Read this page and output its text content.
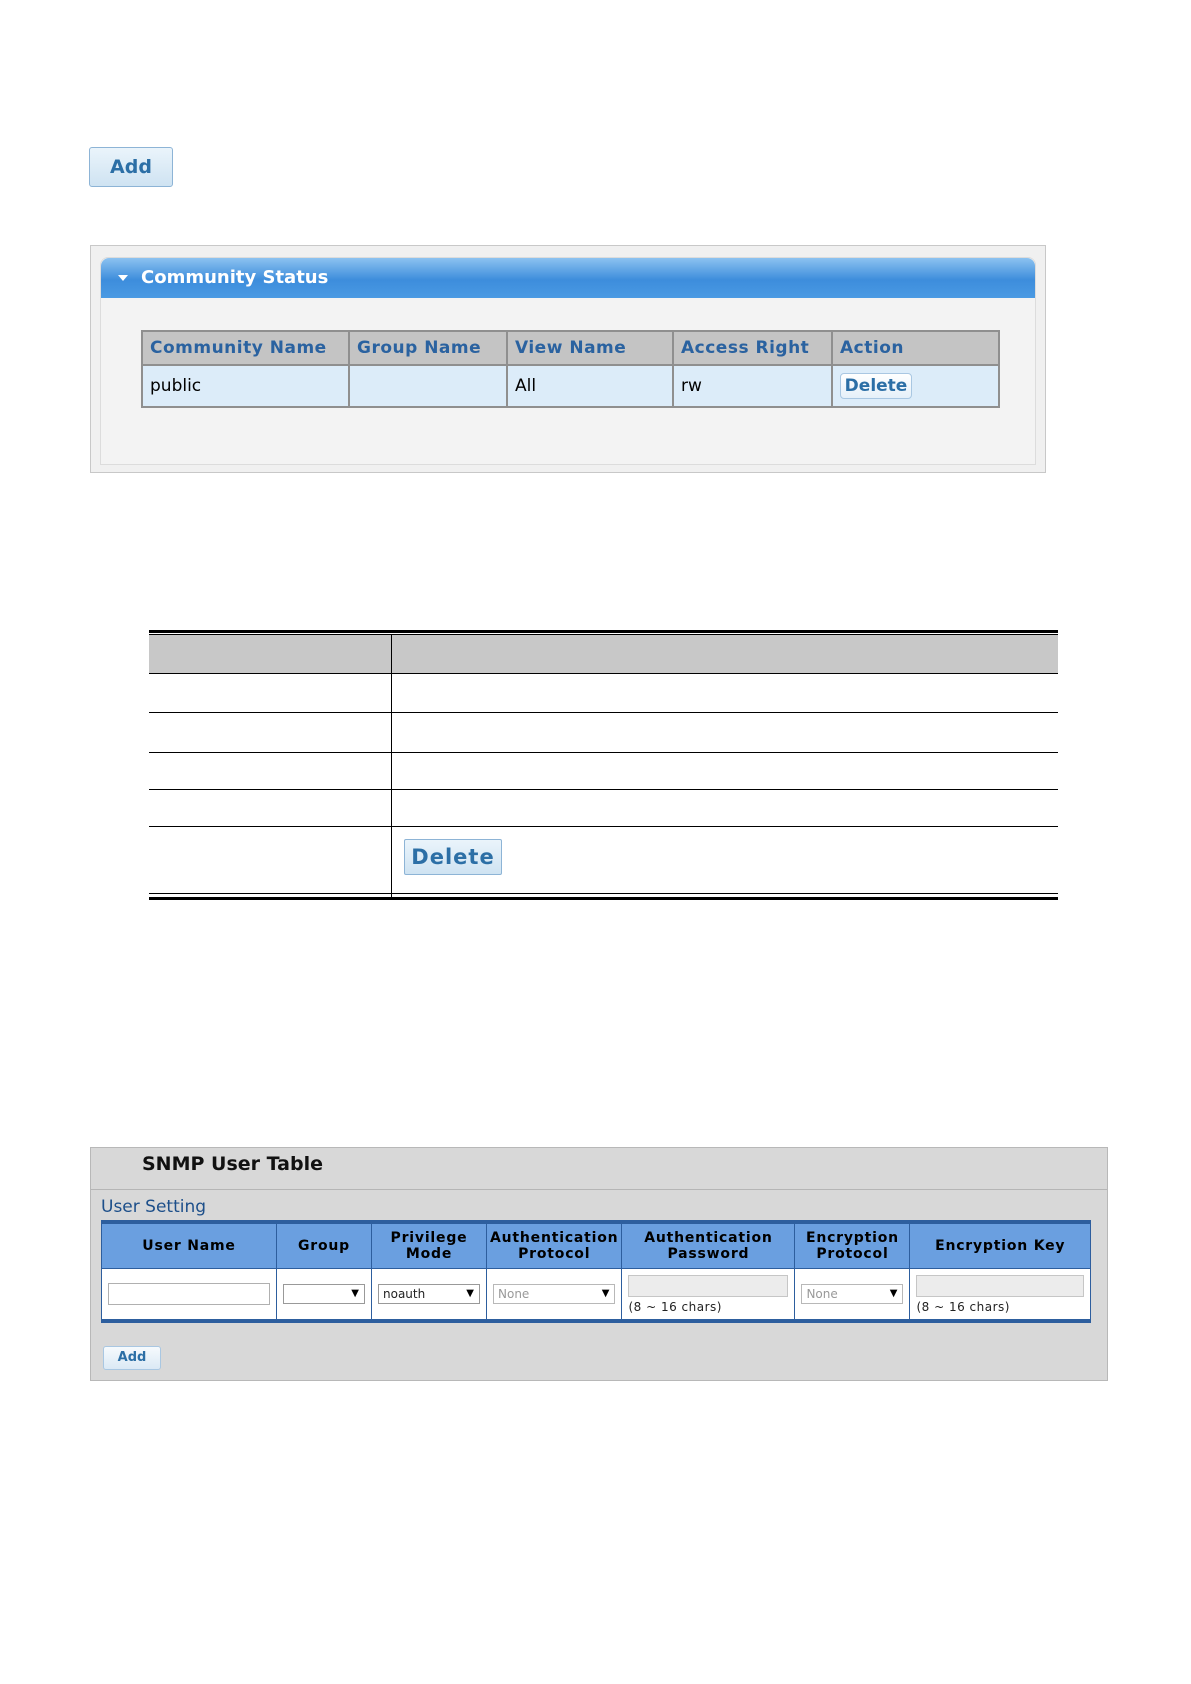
Add
Community Status
Community Name	Group Name	View Name	Access Right	Action
public		All	rw	Delete
Delete
SNMP User Table
User Setting
User Name	Group	Privilege Mode	Authentication Protocol	Authentication Password	Encryption Protocol	Encryption Key

	▼	noauth ▼	None ▼	(8 ~ 16 chars)	None ▼	(8 ~ 16 chars)
Add
